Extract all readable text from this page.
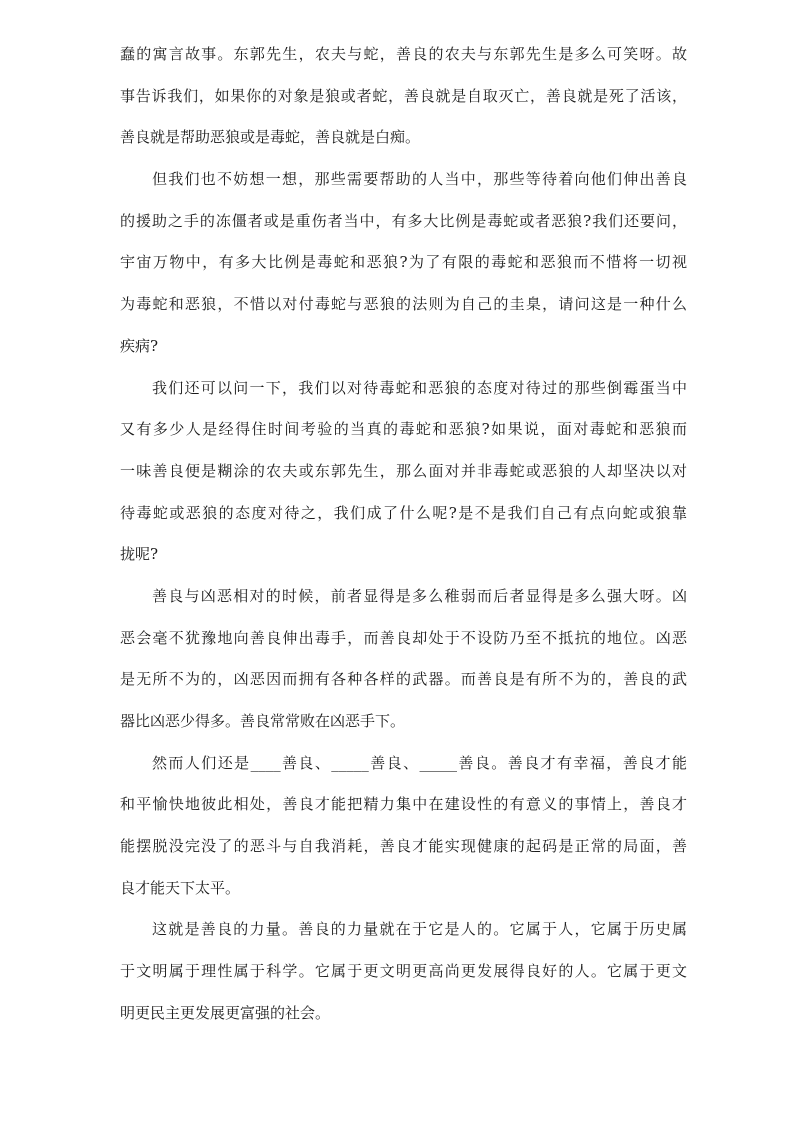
蠢的寓言故事。东郭先生，农夫与蛇，善良的农夫与东郭先生是多么可笑呀。故
事告诉我们，如果你的对象是狼或者蛇，善良就是自取灭亡，善良就是死了活该，
善良就是帮助恶狼或是毒蛇，善良就是白痴。
但我们也不妨想一想，那些需要帮助的人当中，那些等待着向他们伸出善良
的援助之手的冻僵者或是重伤者当中，有多大比例是毒蛇或者恶狼?我们还要问，
宇宙万物中，有多大比例是毒蛇和恶狼?为了有限的毒蛇和恶狼而不惜将一切视
为毒蛇和恶狼，不惜以对付毒蛇与恶狼的法则为自己的圭臬，请问这是一种什么
疾病?
我们还可以问一下，我们以对待毒蛇和恶狼的态度对待过的那些倒霉蛋当中
又有多少人是经得住时间考验的当真的毒蛇和恶狼?如果说，面对毒蛇和恶狼而
一味善良便是糊涂的农夫或东郭先生，那么面对并非毒蛇或恶狼的人却坚决以对
待毒蛇或恶狼的态度对待之，我们成了什么呢?是不是我们自己有点向蛇或狼靠
拢呢?
善良与凶恶相对的时候，前者显得是多么稚弱而后者显得是多么强大呀。凶
恶会毫不犹豫地向善良伸出毒手，而善良却处于不设防乃至不抵抗的地位。凶恶
是无所不为的，凶恶因而拥有各种各样的武器。而善良是有所不为的，善良的武
器比凶恶少得多。善良常常败在凶恶手下。
然而人们还是____善良、_____善良、_____善良。善良才有幸福，善良才能
和平愉快地彼此相处，善良才能把精力集中在建设性的有意义的事情上，善良才
能摆脱没完没了的恶斗与自我消耗，善良才能实现健康的起码是正常的局面，善
良才能天下太平。
这就是善良的力量。善良的力量就在于它是人的。它属于人，它属于历史属
于文明属于理性属于科学。它属于更文明更高尚更发展得良好的人。它属于更文
明更民主更发展更富强的社会。
